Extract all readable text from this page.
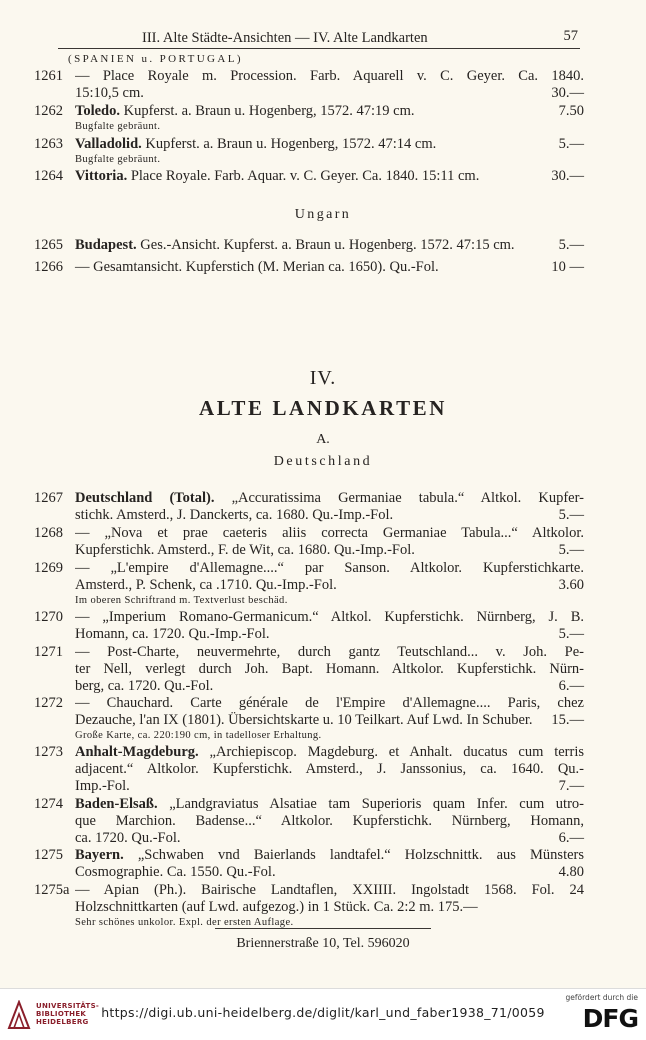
III. Alte Städte-Ansichten — IV. Alte Landkarten	57
(SPANIEN u. PORTUGAL)
1261 — Place Royale m. Procession. Farb. Aquarell v. C. Geyer. Ca. 1840.
15:10,5 cm.	30.—
1262 Toledo. Kupferst. a. Braun u. Hogenberg, 1572. 47:19 cm.	7.50
Bugfalte gebräunt.
1263 Valladolid. Kupferst. a. Braun u. Hogenberg, 1572. 47:14 cm.	5.—
Bugfalte gebräunt.
1264 Vittoria. Place Royale. Farb. Aquar. v. C. Geyer. Ca. 1840. 15:11 cm.	30.—
Ungarn
1265 Budapest. Ges.-Ansicht. Kupferst. a. Braun u. Hogenberg. 1572. 47:15 cm.	5.—
1266 — Gesamtansicht. Kupferstich (M. Merian ca. 1650). Qu.-Fol.	10 —
IV.
ALTE LANDKARTEN
A.
Deutschland
1267 Deutschland (Total). „Accuratissima Germaniae tabula.“ Altkol. Kupfer-
stichk. Amsterd., J. Danckerts, ca. 1680. Qu.-Imp.-Fol.	5.—
1268 — „Nova et prae caeteris aliis correcta Germaniae Tabula...“ Altkolor.
Kupferstichk. Amsterd., F. de Wit, ca. 1680. Qu.-Imp.-Fol.	5.—
1269 — „L'empire d'Allemagne....“ par Sanson. Altkolor. Kupferstichkarte.
Amsterd., P. Schenk, ca .1710. Qu.-Imp.-Fol.	3.60
Im oberen Schriftrand m. Textverlust beschäd.
1270 — „Imperium Romano-Germanicum.“ Altkol. Kupferstichk. Nürnberg, J. B.
Homann, ca. 1720. Qu.-Imp.-Fol.	5.—
1271 — Post-Charte, neuvermehrte, durch gantz Teutschland... v. Joh. Pe-
ter Nell, verlegt durch Joh. Bapt. Homann. Altkolor. Kupferstichk. Nürn-
berg, ca. 1720. Qu.-Fol.	6.—
1272 — Chauchard. Carte générale de l'Empire d'Allemagne.... Paris, chez
Dezauche, l'an IX (1801). Übersichtskarte u. 10 Teilkart. Auf Lwd. In Schuber. 15.—
Große Karte, ca. 220:190 cm, in tadelloser Erhaltung.
1273 Anhalt-Magdeburg. „Archiepiscop. Magdeburg. et Anhalt. ducatus cum terris
adjacent.“ Altkolor. Kupferstichk. Amsterd., J. Janssonius, ca. 1640. Qu.-
Imp.-Fol.	7.—
1274 Baden-Elsaß. „Landgraviatus Alsatiae tam Superioris quam Infer. cum utro-
que Marchion. Badense...“ Altkolor. Kupferstichk. Nürnberg, Homann,
ca. 1720. Qu.-Fol.	6.—
1275 Bayern. „Schwaben vnd Baierlands landtafel.“ Holzschnittk. aus Münsters
Cosmographie. Ca. 1550. Qu.-Fol.	4.80
1275a — Apian (Ph.). Bairische Landtaflen, XXIIII. Ingolstadt 1568. Fol. 24
Holzschnittkarten (auf Lwd. aufgezog.) in 1 Stück. Ca. 2:2 m. 175.—
Sehr schönes unkolor. Expl. der ersten Auflage.
Briennerstraße 10, Tel. 596020
UNIVERSITÄTS-
BIBLIOTHEK
HEIDELBERG
https://digi.ub.uni-heidelberg.de/diglit/karl_und_faber1938_71/0059
gefördert durch die
DFG
